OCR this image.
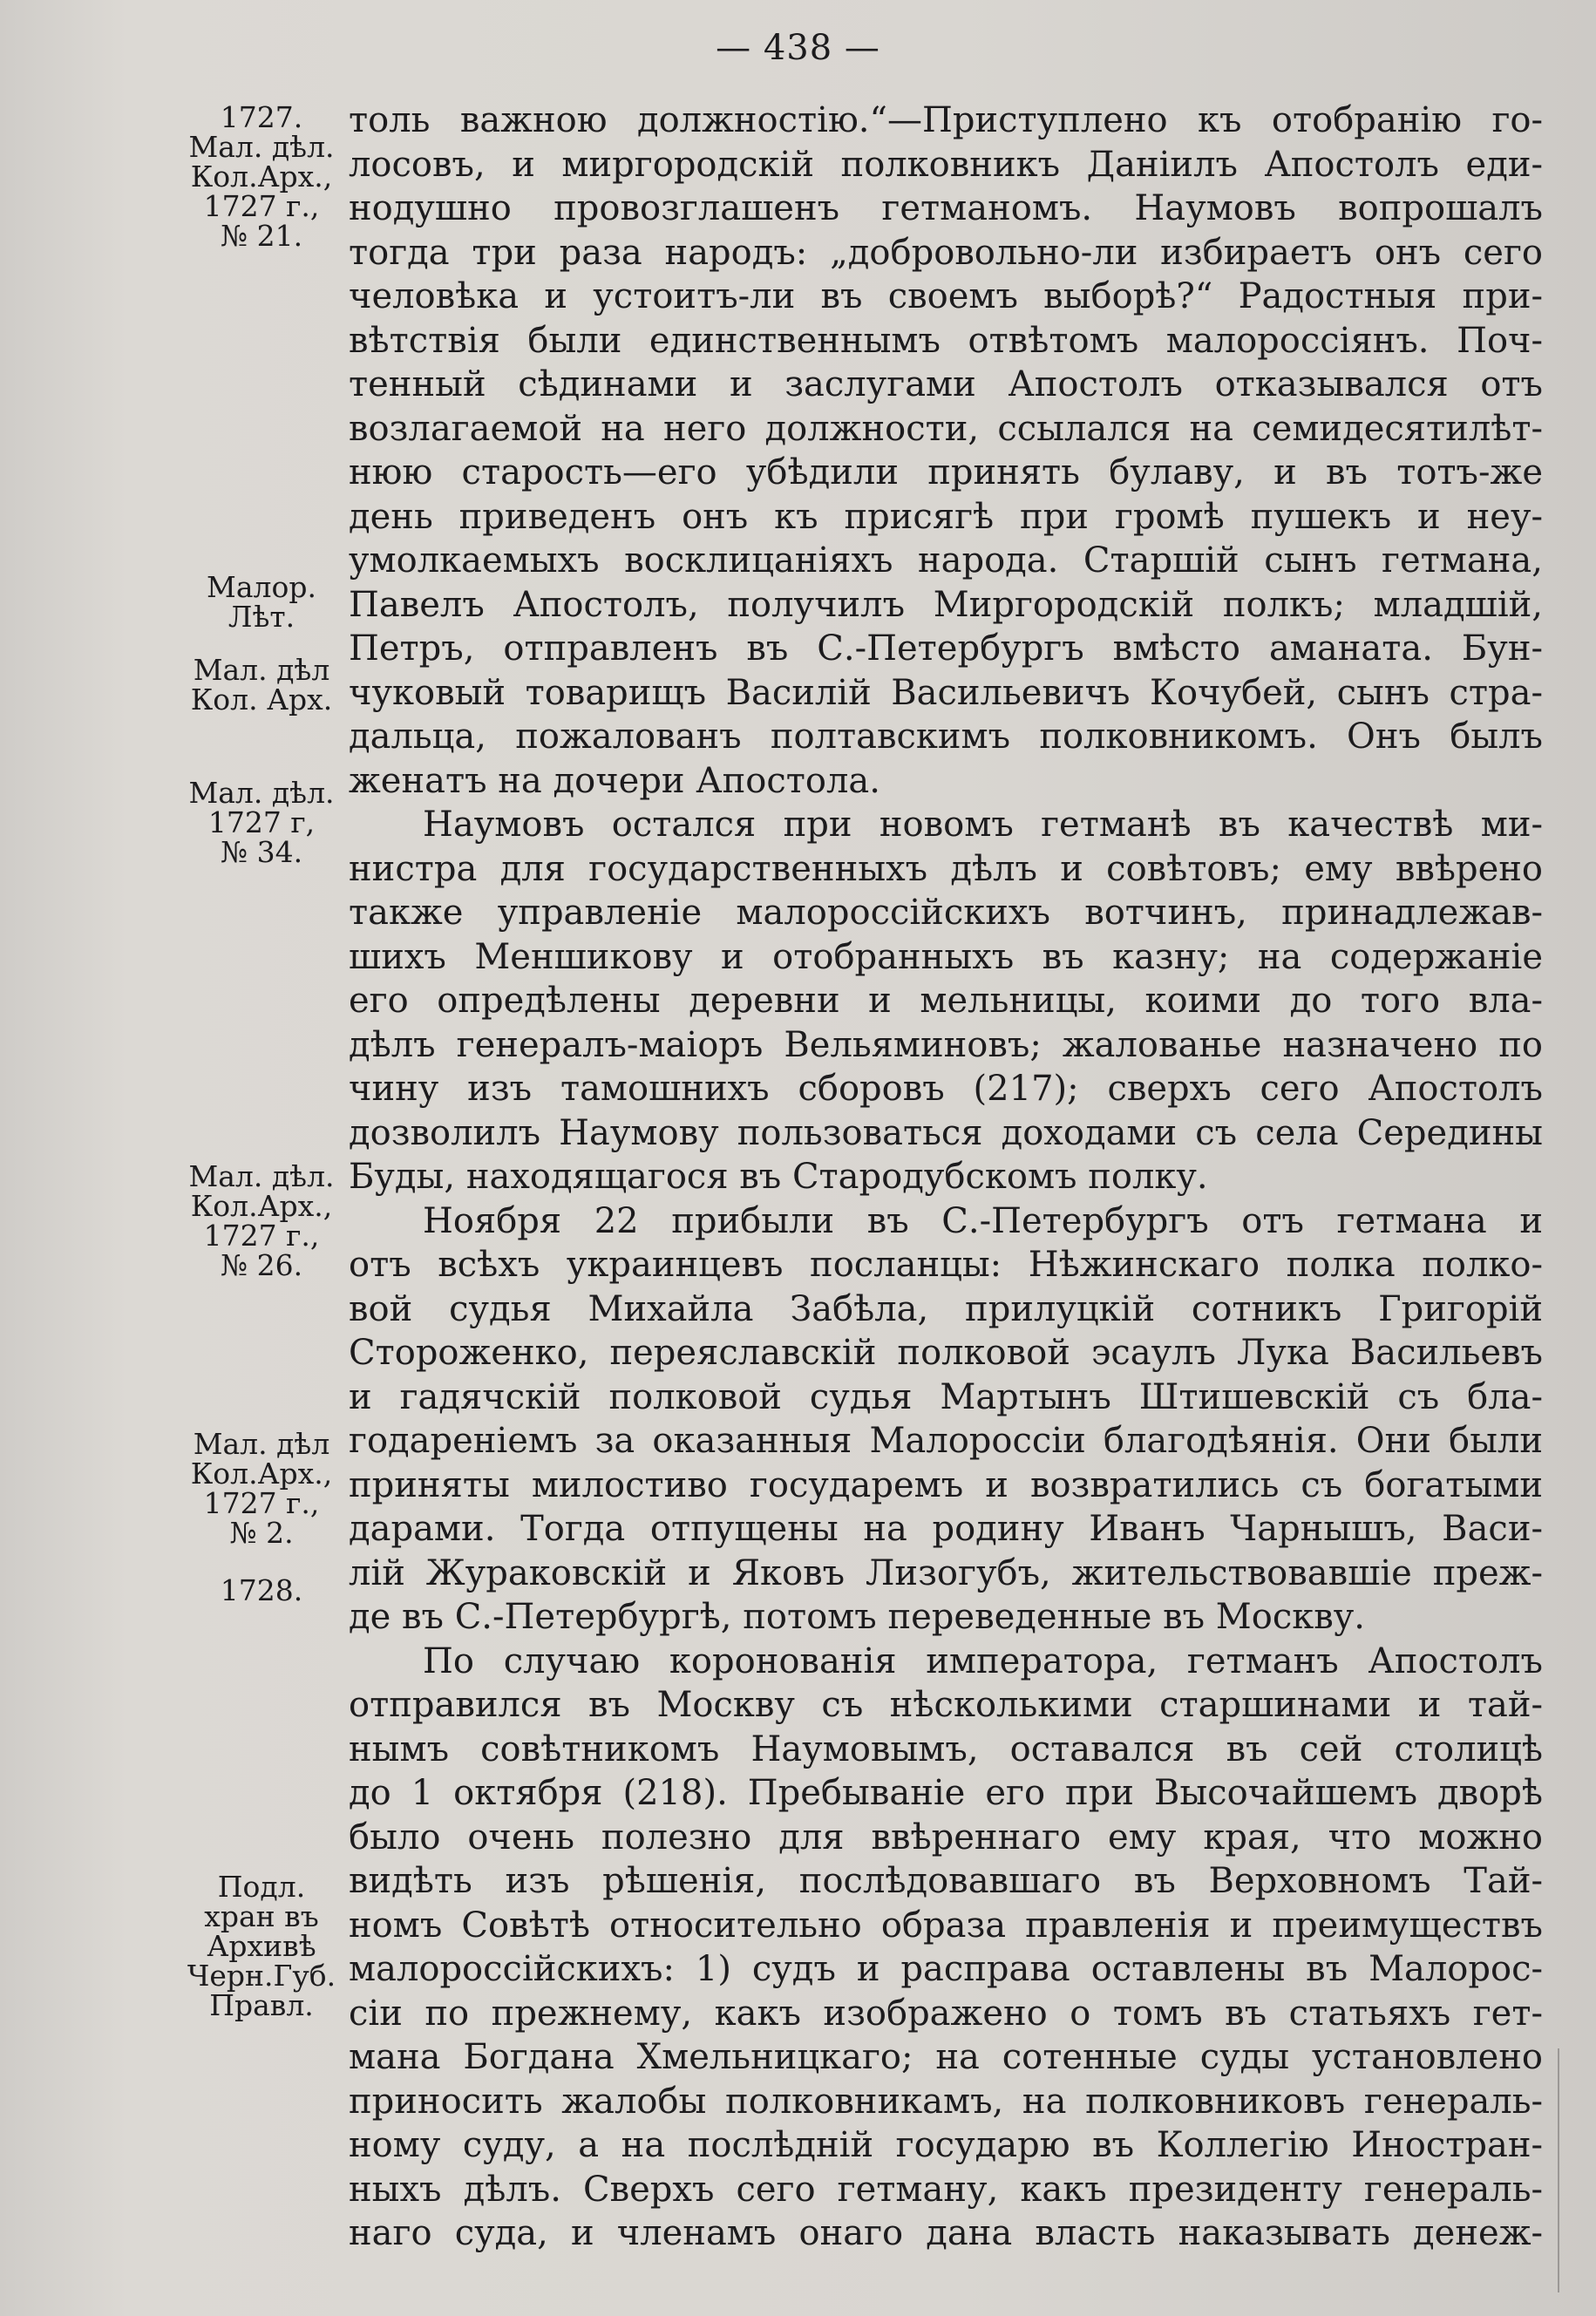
— 438 —
1727.
Мал. дѣл.
Кол.Арх.,
1727 г.,
№ 21.
Малор.
Лѣт.
Мал. дѣл
Кол. Арх.
Мал. дѣл.
1727 г,
№ 34.
Мал. дѣл.
Кол.Арх.,
1727 г.,
№ 26.
Мал. дѣл
Кол.Арх.,
1727 г.,
№ 2.
1728.
Подл.
хран въ
Архивѣ
Черн.Губ.
Правл.
толь важною должностію.“—Приступлено къ отобранію го-
лосовъ, и миргородскій полковникъ Даніилъ Апостолъ еди-
нодушно провозглашенъ гетманомъ. Наумовъ вопрошалъ
тогда три раза народъ: „добровольно-ли избираетъ онъ сего
человѣка и устоитъ-ли въ своемъ выборѣ?“ Радостныя при-
вѣтствія были единственнымъ отвѣтомъ малороссіянъ. Поч-
тенный сѣдинами и заслугами Апостолъ отказывался отъ
возлагаемой на него должности, ссылался на семидесятилѣт-
нюю старость—его убѣдили принять булаву, и въ тотъ-же
день приведенъ онъ къ присягѣ при громѣ пушекъ и неу-
умолкаемыхъ восклицаніяхъ народа. Старшій сынъ гетмана,
Павелъ Апостолъ, получилъ Миргородскій полкъ; младшій,
Петръ, отправленъ въ С.-Петербургъ вмѣсто аманата. Бун-
чуковый товарищъ Василій Васильевичъ Кочубей, сынъ стра-
дальца, пожалованъ полтавскимъ полковникомъ. Онъ былъ
женатъ на дочери Апостола.
Наумовъ остался при новомъ гетманѣ въ качествѣ ми-
нистра для государственныхъ дѣлъ и совѣтовъ; ему ввѣрено
также управленіе малороссійскихъ вотчинъ, принадлежав-
шихъ Меншикову и отобранныхъ въ казну; на содержаніе
его опредѣлены деревни и мельницы, коими до того вла-
дѣлъ генералъ-маіоръ Вельяминовъ; жалованье назначено по
чину изъ тамошнихъ сборовъ (217); сверхъ сего Апостолъ
дозволилъ Наумову пользоваться доходами съ села Середины
Буды, находящагося въ Стародубскомъ полку.
Ноября 22 прибыли въ С.-Петербургъ отъ гетмана и
отъ всѣхъ украинцевъ посланцы: Нѣжинскаго полка полко-
вой судья Михайла Забѣла, прилуцкій сотникъ Григорій
Стороженко, переяславскій полковой эсаулъ Лука Васильевъ
и гадячскій полковой судья Мартынъ Штишевскій съ бла-
годареніемъ за оказанныя Малороссіи благодѣянія. Они были
приняты милостиво государемъ и возвратились съ богатыми
дарами. Тогда отпущены на родину Иванъ Чарнышъ, Васи-
лій Жураковскій и Яковъ Лизогубъ, жительствовавшіе преж-
де въ С.-Петербургѣ, потомъ переведенные въ Москву.
По случаю коронованія императора, гетманъ Апостолъ
отправился въ Москву съ нѣсколькими старшинами и тай-
нымъ совѣтникомъ Наумовымъ, оставался въ сей столицѣ
до 1 октября (218). Пребываніе его при Высочайшемъ дворѣ
было очень полезно для ввѣреннаго ему края, что можно
видѣть изъ рѣшенія, послѣдовавшаго въ Верховномъ Тай-
номъ Совѣтѣ относительно образа правленія и преимуществъ
малороссійскихъ: 1) судъ и расправа оставлены въ Малорос-
сіи по прежнему, какъ изображено о томъ въ статьяхъ гет-
мана Богдана Хмельницкаго; на сотенные суды установлено
приносить жалобы полковникамъ, на полковниковъ генераль-
ному суду, а на послѣдній государю въ Коллегію Иностран-
ныхъ дѣлъ. Сверхъ сего гетману, какъ президенту генераль-
наго суда, и членамъ онаго дана власть наказывать денеж-
